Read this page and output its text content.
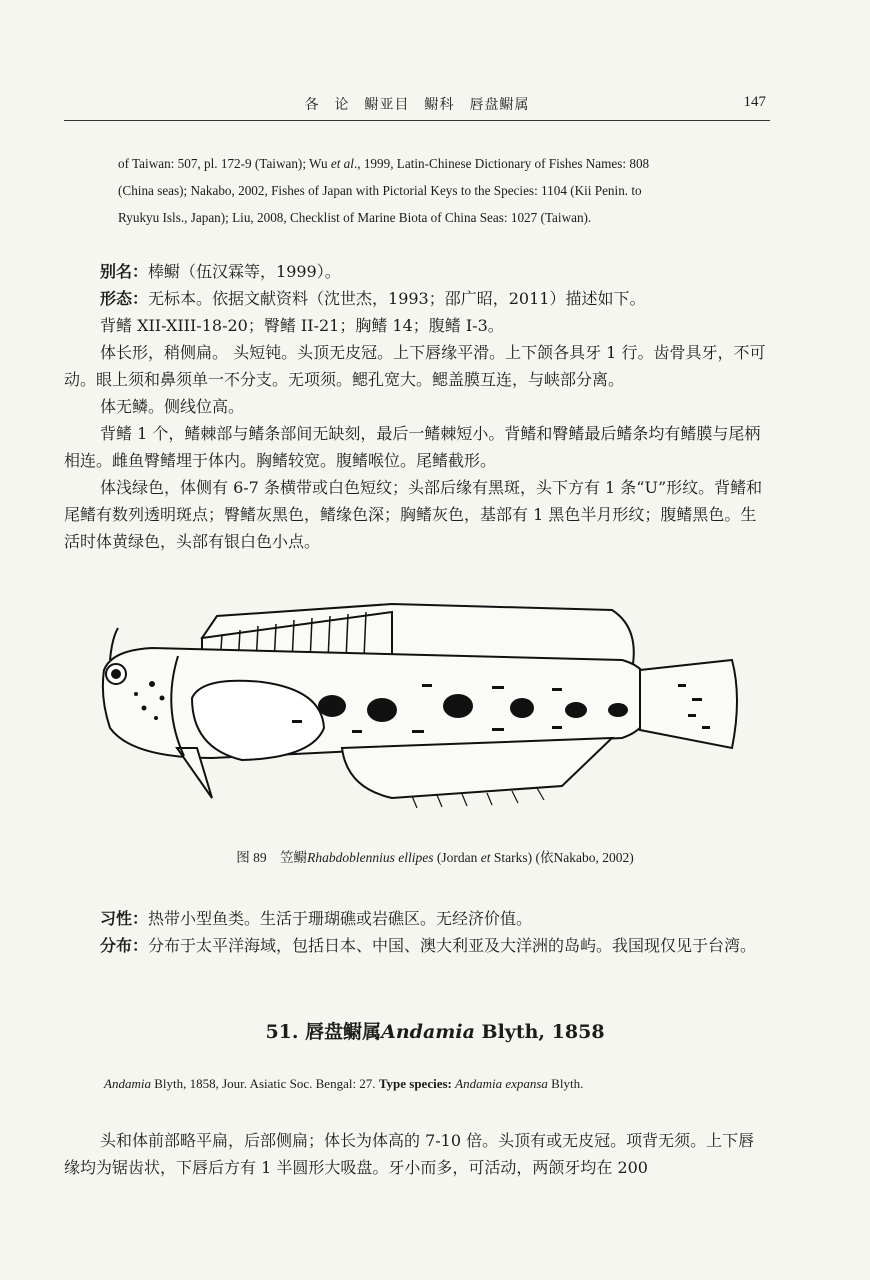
各　论　鳚亚目　鳚科　唇盘鳚属	147

of Taiwan: 507, pl. 172-9 (Taiwan); Wu et al., 1999, Latin-Chinese Dictionary of Fishes Names: 808

(China seas); Nakabo, 2002, Fishes of Japan with Pictorial Keys to the Species: 1104 (Kii Penin. to

Ryukyu Isls., Japan); Liu, 2008, Checklist of Marine Biota of China Seas: 1027 (Taiwan).

别名：棒鳚（伍汉霖等，1999）。

形态：无标本。依据文献资料（沈世杰，1993；邵广昭，2011）描述如下。

背鳍 XII-XIII-18-20；臀鳍 II-21；胸鳍 14；腹鳍 I-3。

体长形，稍侧扁。 头短钝。头顶无皮冠。上下唇缘平滑。上下颌各具牙 1 行。齿骨具牙，不可动。眼上须和鼻须单一不分支。无项须。鳃孔宽大。鳃盖膜互连，与峡部分离。

体无鳞。侧线位高。

背鳍 1 个，鳍棘部与鳍条部间无缺刻，最后一鳍棘短小。背鳍和臀鳍最后鳍条均有鳍膜与尾柄相连。雌鱼臀鳍埋于体内。胸鳍较宽。腹鳍喉位。尾鳍截形。

体浅绿色，体侧有 6-7 条横带或白色短纹；头部后缘有黑斑，头下方有 1 条“U”形纹。背鳍和尾鳍有数列透明斑点；臀鳍灰黑色，鳍缘色深；胸鳍灰色，基部有 1 黑色半月形纹；腹鳍黑色。生活时体黄绿色，头部有银白色小点。

图 89　笠鳚Rhabdoblennius ellipes (Jordan et Starks) (依Nakabo, 2002)

习性：热带小型鱼类。生活于珊瑚礁或岩礁区。无经济价值。

分布：分布于太平洋海域，包括日本、中国、澳大利亚及大洋洲的岛屿。我国现仅见于台湾。

51. 唇盘鳚属Andamia Blyth, 1858
Andamia Blyth, 1858, Jour. Asiatic Soc. Bengal: 27. Type species: Andamia expansa Blyth.

头和体前部略平扁，后部侧扁；体长为体高的 7-10 倍。头顶有或无皮冠。项背无须。上下唇缘均为锯齿状，下唇后方有 1 半圆形大吸盘。牙小而多，可活动，两颌牙均在 200
